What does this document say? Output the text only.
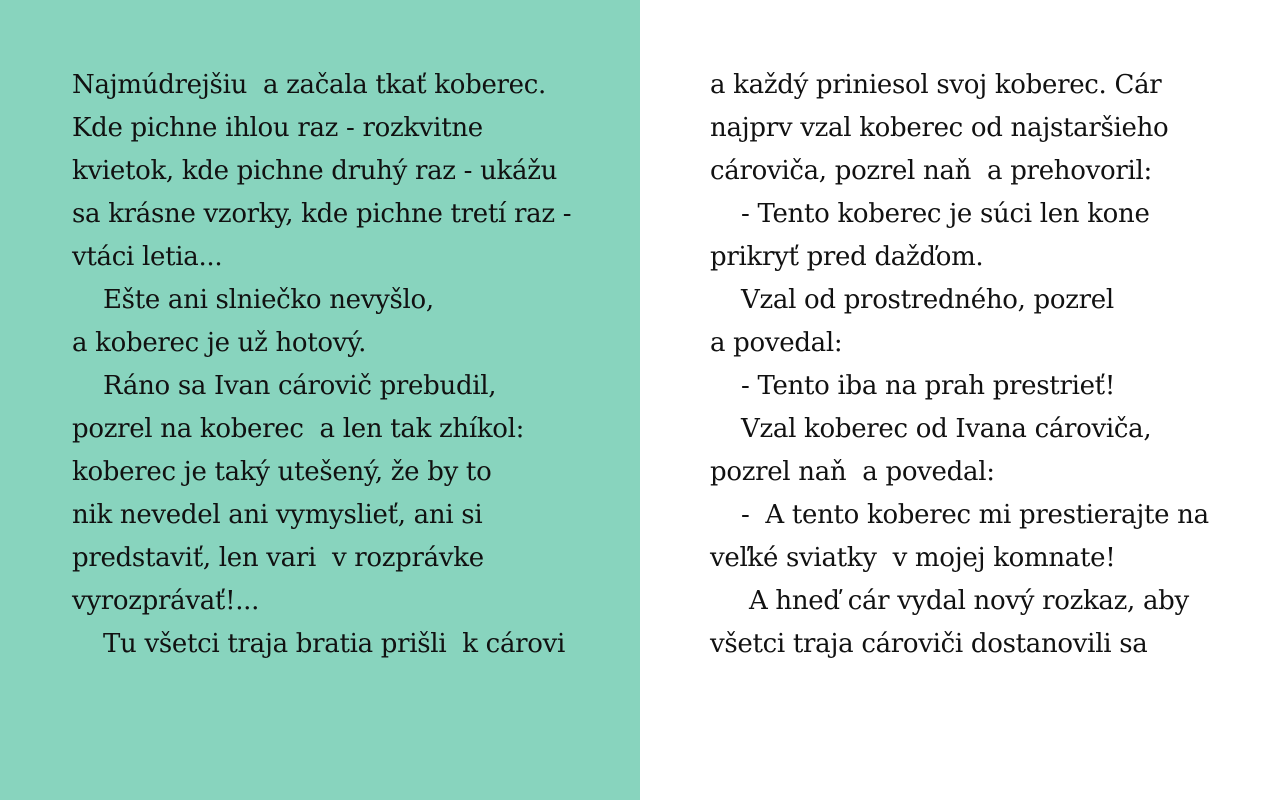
Najmúdrejšiu  a začala tkať koberec.
Kde pichne ihlou raz - rozkvitne
kvietok, kde pichne druhý raz - ukážu
sa krásne vzorky, kde pichne tretí raz -
vtáci letia...
Ešte ani slniečko nevyšlo,
a koberec je už hotový.
Ráno sa Ivan cárovič prebudil,
pozrel na koberec  a len tak zhíkol:
koberec je taký utešený, že by to
nik nevedel ani vymyslieť, ani si
predstaviť, len vari  v rozprávke
vyrozprávať!...
Tu všetci traja bratia prišli  k cárovi
a každý priniesol svoj koberec. Cár
najprv vzal koberec od najstaršieho
cároviča, pozrel naň  a prehovoril:
- Tento koberec je súci len kone
prikryť pred dažďom.
Vzal od prostredného, pozrel
a povedal:
- Tento iba na prah prestrieť!
Vzal koberec od Ivana cároviča,
pozrel naň  a povedal:
-  A tento koberec mi prestierajte na
veľké sviatky  v mojej komnate!
A hneď cár vydal nový rozkaz, aby
všetci traja cároviči dostanovili sa
